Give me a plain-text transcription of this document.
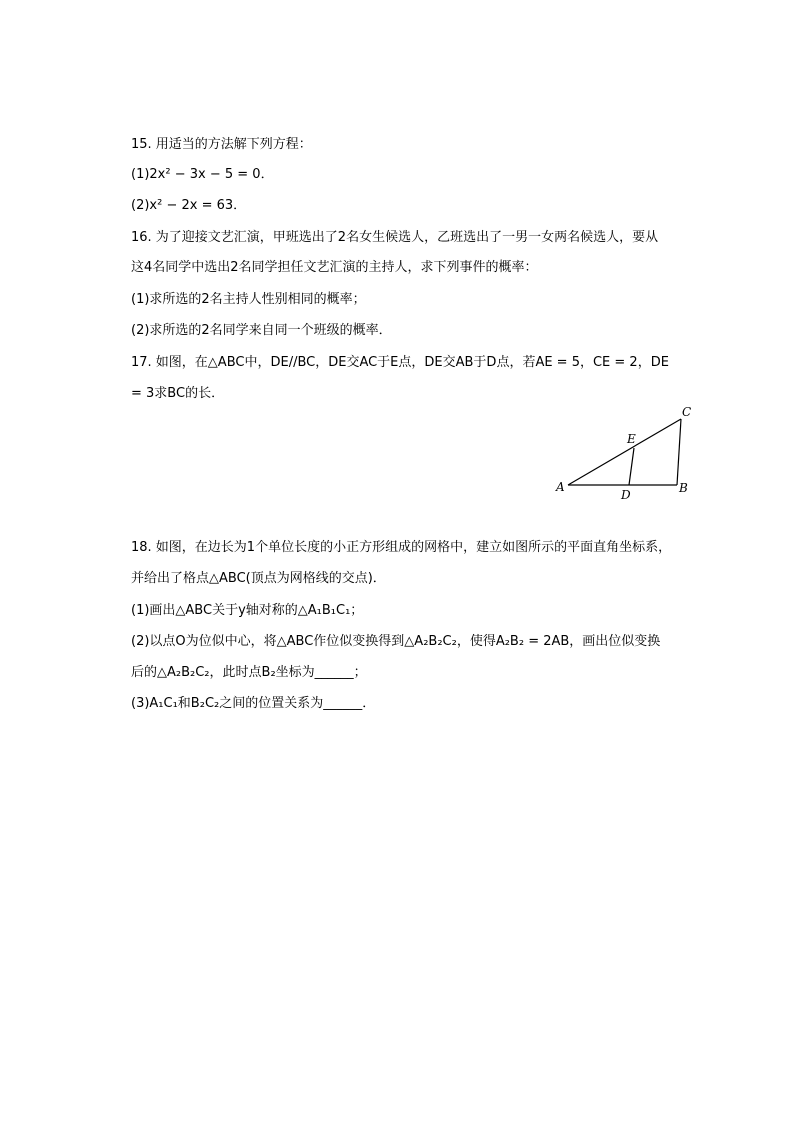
15. 用适当的方法解下列方程：
(1)2x² − 3x − 5 = 0．
(2)x² − 2x = 63．
16. 为了迎接文艺汇演，甲班选出了2名女生候选人，乙班选出了一男一女两名候选人，要从
这4名同学中选出2名同学担任文艺汇演的主持人，求下列事件的概率：
(1)求所选的2名主持人性别相同的概率；
(2)求所选的2名同学来自同一个班级的概率．
17. 如图，在△ABC中，DE//BC，DE交AC于E点，DE交AB于D点，若AE = 5，CE = 2，DE
= 3求BC的长．
A	B
C
D
E
18. 如图，在边长为1个单位长度的小正方形组成的网格中，建立如图所示的平面直角坐标系，
并给出了格点△ABC(顶点为网格线的交点)．
(1)画出△ABC关于y轴对称的△A₁B₁C₁；
(2)以点O为位似中心，将△ABC作位似变换得到△A₂B₂C₂，使得A₂B₂ = 2AB，画出位似变换
后的△A₂B₂C₂，此时点B₂坐标为______；
(3)A₁C₁和B₂C₂之间的位置关系为______．
